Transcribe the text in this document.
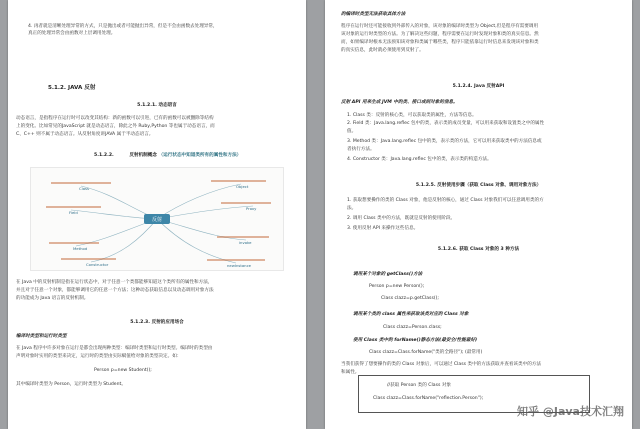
4. 再者就是清晰处理异常的方式，只是抛出或者可能抛出异常，但是不会由函数去处理异常，
真正的处理异常会由函数对上层调用处理。
5.1.2. JAVA 反射
5.1.2.1. 动态语言
动态语言，是指程序在运行时可以改变其结构：新的函数可以引进，已有的函数可以被删除等结构
上的变化。比如常见的JavaScript 就是动态语言，除此之外 Ruby,Python 等也属于动态语言，而
C、C++ 则不属于动态语言。从反射角度讲JAVA 属于半动态语言。
5.1.2.2.	反射机制概念 （运行状态中知道类所有的属性和方法）
反射
Class
Field
Method
Constructor
Object
Proxy
invoke
newInstance
在 Java 中的反射机制是指在运行状态中，对于任意一个类都能够知道这个类所有的属性和方法，
并且对于任意一个对象，都能够调用它的任意一个方法；这种动态获取信息以及动态调用对象方法
的功能成为 Java 语言的反射机制。
5.1.2.3. 反射的应用场合
编译时类型和运行时类型
在 Java 程序中许多对象在运行是都会出现两种类型：编译时类型和运行时类型。编译时的类型由
声明对象时实用的类型来决定，运行时的类型由实际赋值给对象的类型决定。如：
Person p=new Student();
其中编译时类型为 Person，运行时类型为 Student。
的编译时类型无法获取具体方法
程序在运行时还可能接收到外部传入的对象，该对象的编译时类型为 Object,但是程序有需要调用
该对象的运行时类型的方法。为了解决这些问题，程序需要在运行时发现对象和类的真实信息。然
而，如果编译时根本无法预知该对象和类属于哪些类，程序只能依靠运行时信息来发现该对象和类
的真实信息，此时就必须使用到反射了。
5.1.2.4. Java 反射API
反射 API 用来生成 JVM 中的类、接口或则对象的信息。
1. Class 类：反射的核心类，可以获取类的属性，方法等信息。
2. Field 类：Java.lang.reflec 包中的类，表示类的成员变量，可以用来获取和设置类之中的属性
值。
3. Method 类：Java.lang.reflec 包中的类，表示类的方法，它可以用来获取类中的方法信息或
者执行方法。
4. Constructor 类：Java.lang.reflec 包中的类，表示类的构造方法。
5.1.2.5. 反射使用步骤（获取 Class 对象、调用对象方法）
1. 获取想要操作的类的 Class 对象，他是反射的核心，通过 Class 对象我们可以任意调用类的方
法。
2. 调用 Class 类中的方法，既就是反射的使用阶段。
3. 使用反射 API 来操作这些信息。
5.1.2.6. 获取 Class 对象的 3 种方法
调用某个对象的 getClass()方法
Person p=new Person();
Class clazz=p.getClass();
调用某个类的 class 属性来获取该类对应的 Class 对象
Class clazz=Person.class;
使用 Class 类中的 forName()静态方法(最安全/性能最好)
Class clazz=Class.forName("类的全路径"); (最常用)
当我们获得了想要操作的类的 Class 对象后，可以通过 Class 类中的方法获取并查看该类中的方法
和属性。
//获取 Person 类的 Class 对象
Class clazz=Class.forName("reflection.Person");
知乎 @Java技术汇翔
